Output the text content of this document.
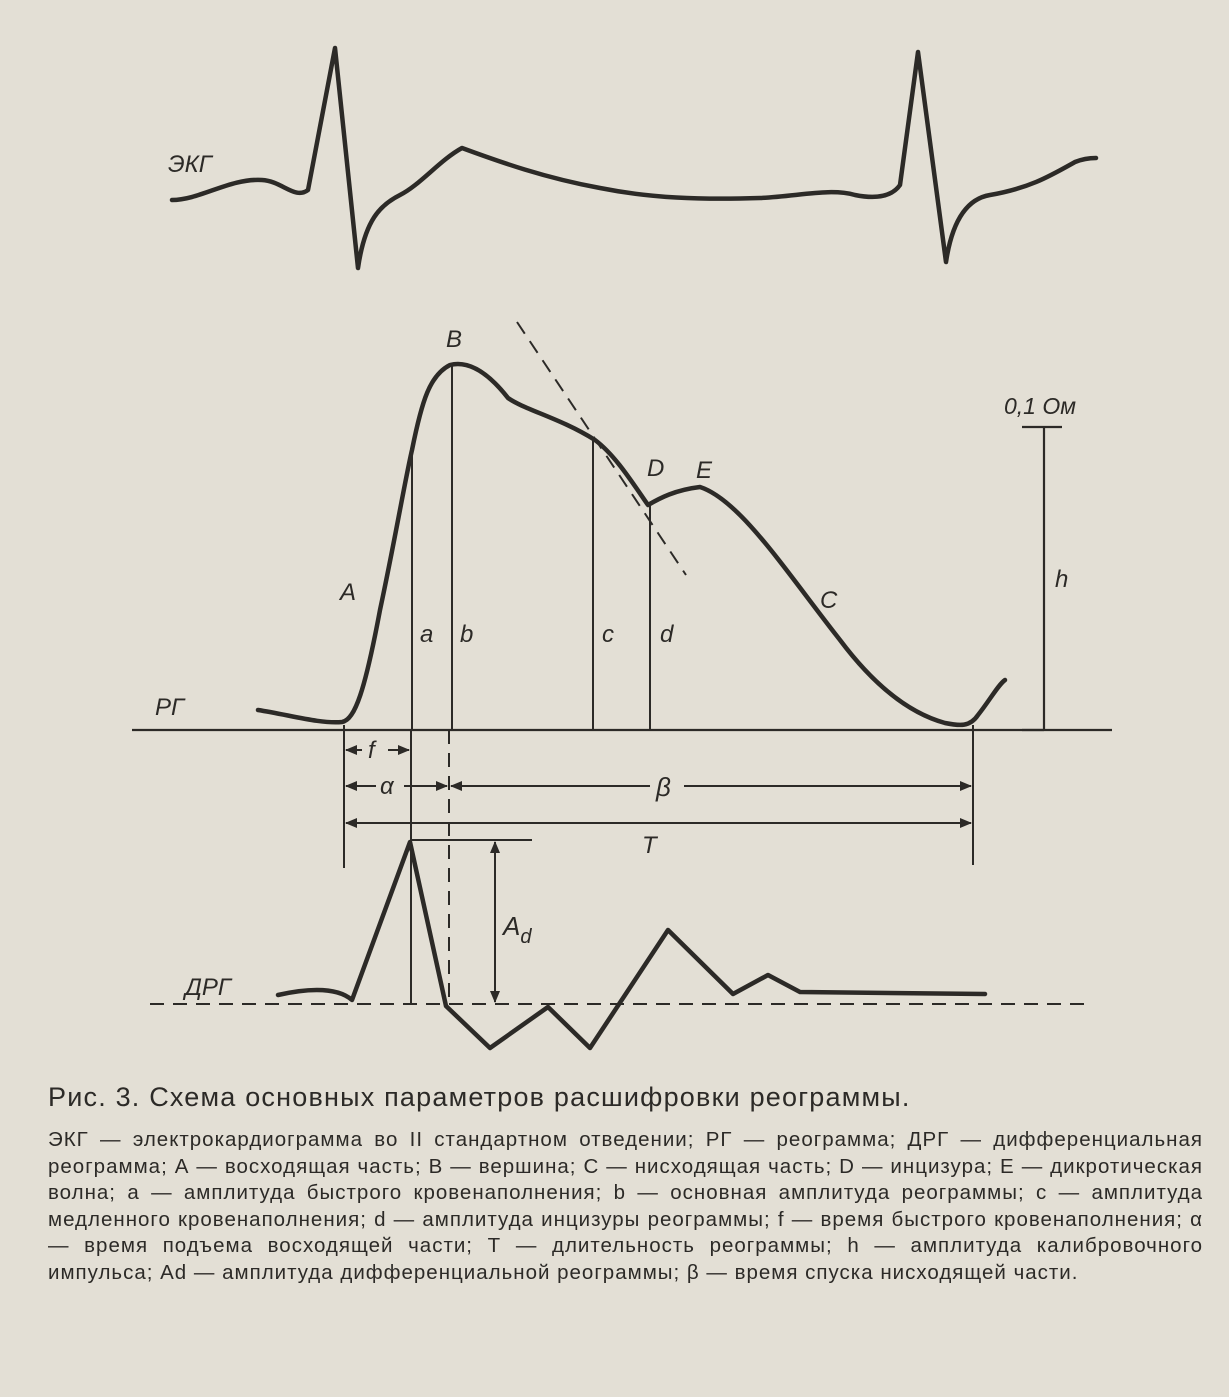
ЭКГ
РГ
B
A
D E
C
a b	c d
0,1 Ом
h
f
α	β
T
ДРГ
$A_d$

Рис. 3. Схема основных параметров расшифровки реограммы.

ЭКГ — электрокардиограмма во II стандартном отведении; РГ — реограмма; ДРГ — дифференциальная реограмма; А — восходящая часть; В — вершина; С — нисходящая часть; D — инцизура; Е — дикротическая волна; а — амплитуда быстрого кровенаполнения; b — основная амплитуда реограммы; с — амплитуда медленного кровенаполнения; d — амплитуда инцизуры реограммы; f — время быстрого кровенаполнения; α — время подъема восходящей части; Т — длительность реограммы; h — амплитуда калибровочного импульса; Ad — амплитуда дифференциальной реограммы; β — время спуска нисходящей части.
